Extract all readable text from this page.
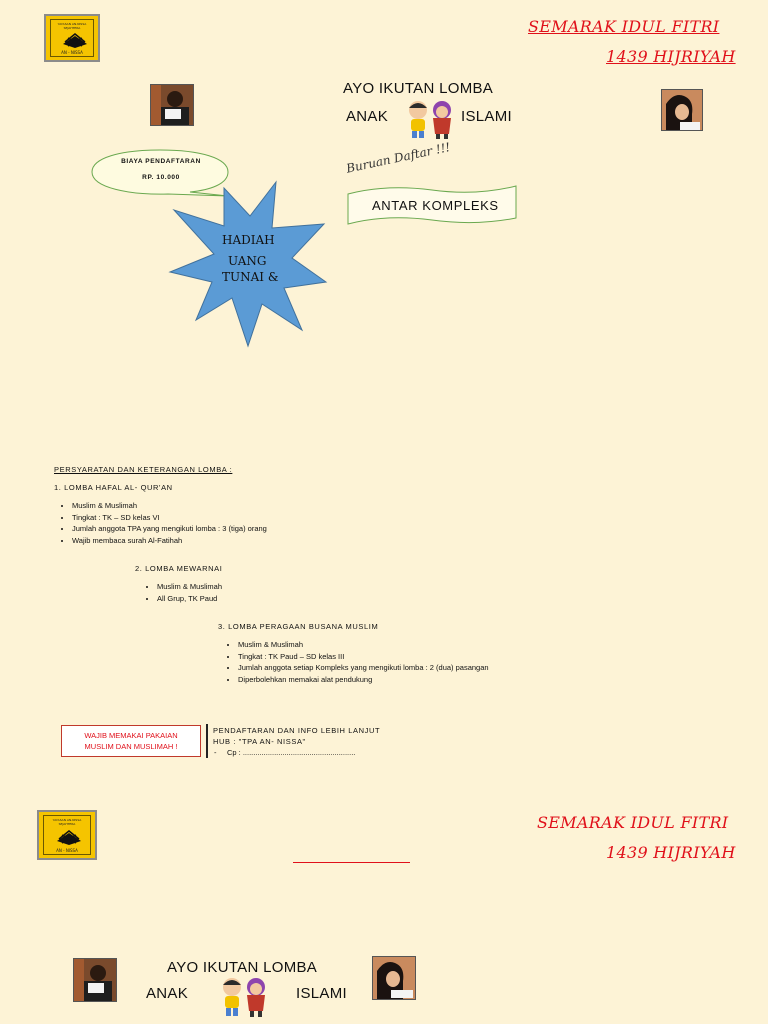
YAYASAN AN-NISSA SEJAHTERA
AN - NISSA
SEMARAK IDUL FITRI
1439 HIJRIYAH
AYO IKUTAN LOMBA
ANAK	ISLAMI
BIAYA PENDAFTARAN
RP. 10.000
HADIAH
UANG
TUNAI &
Buruan Daftar !!!
ANTAR KOMPLEKS
PERSYARATAN DAN KETERANGAN LOMBA :
1. LOMBA HAFAL AL- QUR'AN
• Muslim & Muslimah
• Tingkat : TK – SD kelas VI
• Jumlah anggota TPA yang mengikuti lomba : 3 (tiga) orang
• Wajib membaca surah Al-Fatihah
2. LOMBA MEWARNAI
• Muslim & Muslimah
• All Grup, TK Paud
3. LOMBA PERAGAAN BUSANA MUSLIM
• Muslim & Muslimah
• Tingkat : TK Paud – SD kelas III
• Jumlah anggota setiap Kompleks yang mengikuti lomba : 2 (dua) pasangan
• Diperbolehkan memakai alat pendukung
WAJIB MEMAKAI PAKAIAN
MUSLIM DAN MUSLIMAH !
PENDAFTARAN DAN INFO LEBIH LANJUT
HUB : "TPA AN- NISSA"
- Cp : ......................................................
YAYASAN AN-NISSA SEJAHTERA
AN - NISSA
SEMARAK IDUL FITRI
1439 HIJRIYAH
AYO IKUTAN LOMBA
ANAK	ISLAMI
